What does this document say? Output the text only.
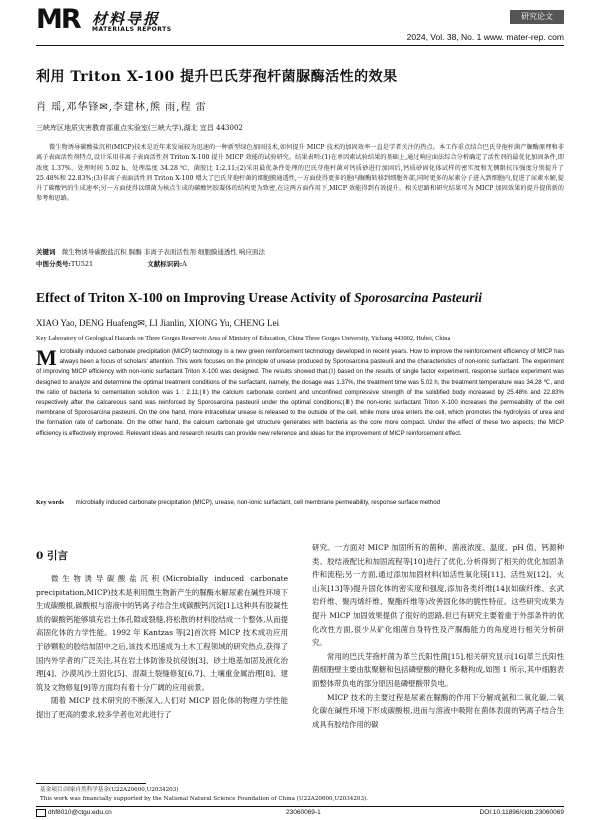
MR 材料导报
MATERIALS REPORTS
研究论文
2024, Vol. 38, No. 1 www. mater-rep. com
利用 Triton X-100 提升巴氏芽孢杆菌脲酶活性的效果
肖 瑶,邓华锋✉,李建林,熊 雨,程 雷
三峡库区地质灾害教育部重点实验室(三峡大学),湖北 宜昌 443002
微生物诱导碳酸盐沉积(MICP)技术是近年来发展较为迅速的一种新型绿色加固技术,如何提升 MICP 技术的加固效率一直是学者关注的热点。本工作重点结合巴氏芽孢杆菌产脲酶原理和非离子表面活性剂特点,设计采用非离子表面活性剂 Triton X-100 提升 MICP 效能的试验研究。结果表明:(1)在单因素试验结果的基础上,通过响应面法综合分析确定了活性剂的最优化加固条件,即浓度 1.37%、处理时间 5.02 h、处理温度 34.28 ℃、菌胶比 1:2.11;(2)采用最优条件处理的巴氏芽孢杆菌对钙质砂进行加固后,钙质砂固化体试样的密实度和无侧限抗压强度分别提升了 25.48%和 22.83%;(3)非离子表面活性剂 Triton X-100 增大了巴氏芽孢杆菌的细胞膜通透性,一方面使得更多的胞内脲酶转移到细胞外部,同时更多的尿素分子进入到细胞内,促进了尿素水解,提升了碳酸钙的生成速率;另一方面使得以细菌为核点生成的碳酸钙胶凝体的结构更为致密,在这两方面作用下,MICP 效能得到有效提升。相关思路和研究结果可为 MICP 加固效果的提升提供新的参考和思路。
关键词 微生物诱导碳酸盐沉积 脲酶 非离子表面活性剂 细胞膜通透性 响应面法
中图分类号:TU521	文献标识码:A
Effect of Triton X-100 on Improving Urease Activity of Sporosarcina Pasteurii
XIAO Yao, DENG Huafeng✉, LI Jianlin, XIONG Yu, CHENG Lei
Key Laboratory of Geological Hazards on Three Gorges Reservoir Area of Ministry of Education, China Three Gorges University, Yichang 443002, Hubei, China
M icrobially induced carbonate precipitation (MICP) technology is a new green reinforcement technology developed in recent years. How to improve the reinforcement efficiency of MICP has always been a focus of scholars' attention. This work focuses on the principle of urease produced by Sporosarcina pasteurii and the characteristics of non-ionic surfactant. The experiment of improving MICP efficiency with non-ionic surfactant Triton X-100 was designed. The results showed that:(Ⅰ) based on the results of single factor experiment, response surface experiment was designed to analyze and determine the optimal treatment conditions of the surfactant, namely, the dosage was 1.37%, the treatment time was 5.02 h, the treatment temperature was 34.28 ℃, and the ratio of bacteria to cementation solution was 1 : 2.11;(Ⅱ) the calcium carbonate content and unconfined compressive strength of the solidified body increased by 25.48% and 22.83% respectively after the calcareous sand was reinforced by Sporosarcina pasteurii under the optimal conditions;(Ⅲ) the non-ionic surfactant Triton X-100 increases the permeability of the cell membrane of Sporosarcina pasteurii. On the one hand, more intracellular urease is released to the outside of the cell, while more urea enters the cell, which promotes the hydrolysis of urea and the formation rate of carbonate. On the other hand, the calcium carbonate gel structure generates with bacteria as the core more compact. Under the effect of these two aspects, the MICP efficiency is effectively improved. Relevant ideas and research results can provide new reference and ideas for the improvement of MICP reinforcement effect.
Key words microbially induced carbonate precipitation (MICP), urease, non-ionic surfactant, cell membrane permeability, response surface method
0 引言

微生物诱导碳酸盐沉积(Microbially induced carbonate precipitation,MICP)技术是利用微生物新产生的脲酶水解尿素在碱性环境下生成碳酸根,碳酸根与溶液中的钙离子结合生成碳酸钙沉淀[1],这种具有胶凝性质的碳酸钙能够填充岩土体孔隙或裂缝,将松散的材料胶结成一个整体,从而提高固化体的力学性能。1992 年 Kantzas 等[2]首次将 MICP 技术成功应用于砂颗粒的胶结加固中之后,该技术迅速成为土木工程领域的研究热点,获得了国内外学者的广泛关注,其在岩土体防渗及抗侵蚀[3]、砂土地基加固及液化治理[4]、沙漠风沙土固化[5]、混凝土裂缝修复[6,7]、土壤重金属治理[8]、建筑及文物修复[9]等方面均有着十分广阔的应用前景。

随着 MICP 技术研究的不断深入,人们对 MICP 固化体的物理力学性能提出了更高的要求,较多学者也对此进行了

研究。一方面对 MICP 加固所有的菌种、菌液浓度、温度、pH 值、钙源种类、胶结液配比和加固流程等[10]进行了优化,分析得到了相关的优化加固条件和流程;另一方面,通过添加加固材料(如活性氧化镁[11]、活性炭[12]、火山灰[13]等)提升固化体的密实度和强度,添加各类纤维[14](如碳纤维、玄武岩纤维、聚丙烯纤维、聚酯纤维等)改善固化体的脆性特征。这些研究成果为提升 MICP 加固效果提供了很好的思路,但已有研究主要着重于外部条件的优化改性方面,很少从矿化细菌自身特性及产脲酶能力的角度进行相关分析研究。

常用的巴氏芽孢杆菌为革兰氏阳性菌[15],相关研究显示[16]革兰氏阳性菌细胞壁主要由肽聚糖和包括磷壁酸的糖化多糖构成,如图 1 所示,其中细胞表面整体带负电的部分原因是磷壁酸带负电。

MICP 技术的主要过程是尿素在脲酶的作用下分解成氨和二氧化碳,二氧化碳在碱性环境下形成碳酸根,进而与溶液中吸附在菌体表面的钙离子结合生成具有胶结作用的碳

基金项目:国家自然科学基金(U22A20600,U2034203)
This work was financially supported by the National Natural Science Foundation of China (U22A20600,U2034203).
dhf8010@ctgu.edu.cn	23060069-1	DOI:10.11896/cldb.23060069
